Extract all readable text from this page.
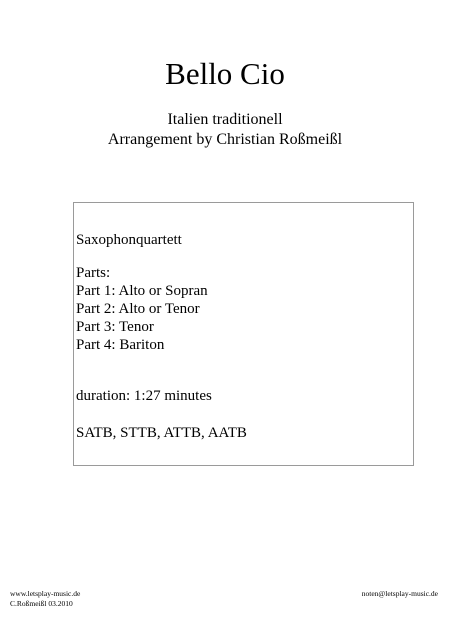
Bello Cio
Italien traditionell
Arrangement by Christian Roßmeißl
Saxophonquartett
Parts:
Part 1: Alto or Sopran
Part 2: Alto or Tenor
Part 3: Tenor
Part 4: Bariton
duration: 1:27 minutes
SATB, STTB, ATTB, AATB
www.letsplay-music.de
C.Roßmeißl 03.2010
noten@letsplay-music.de
